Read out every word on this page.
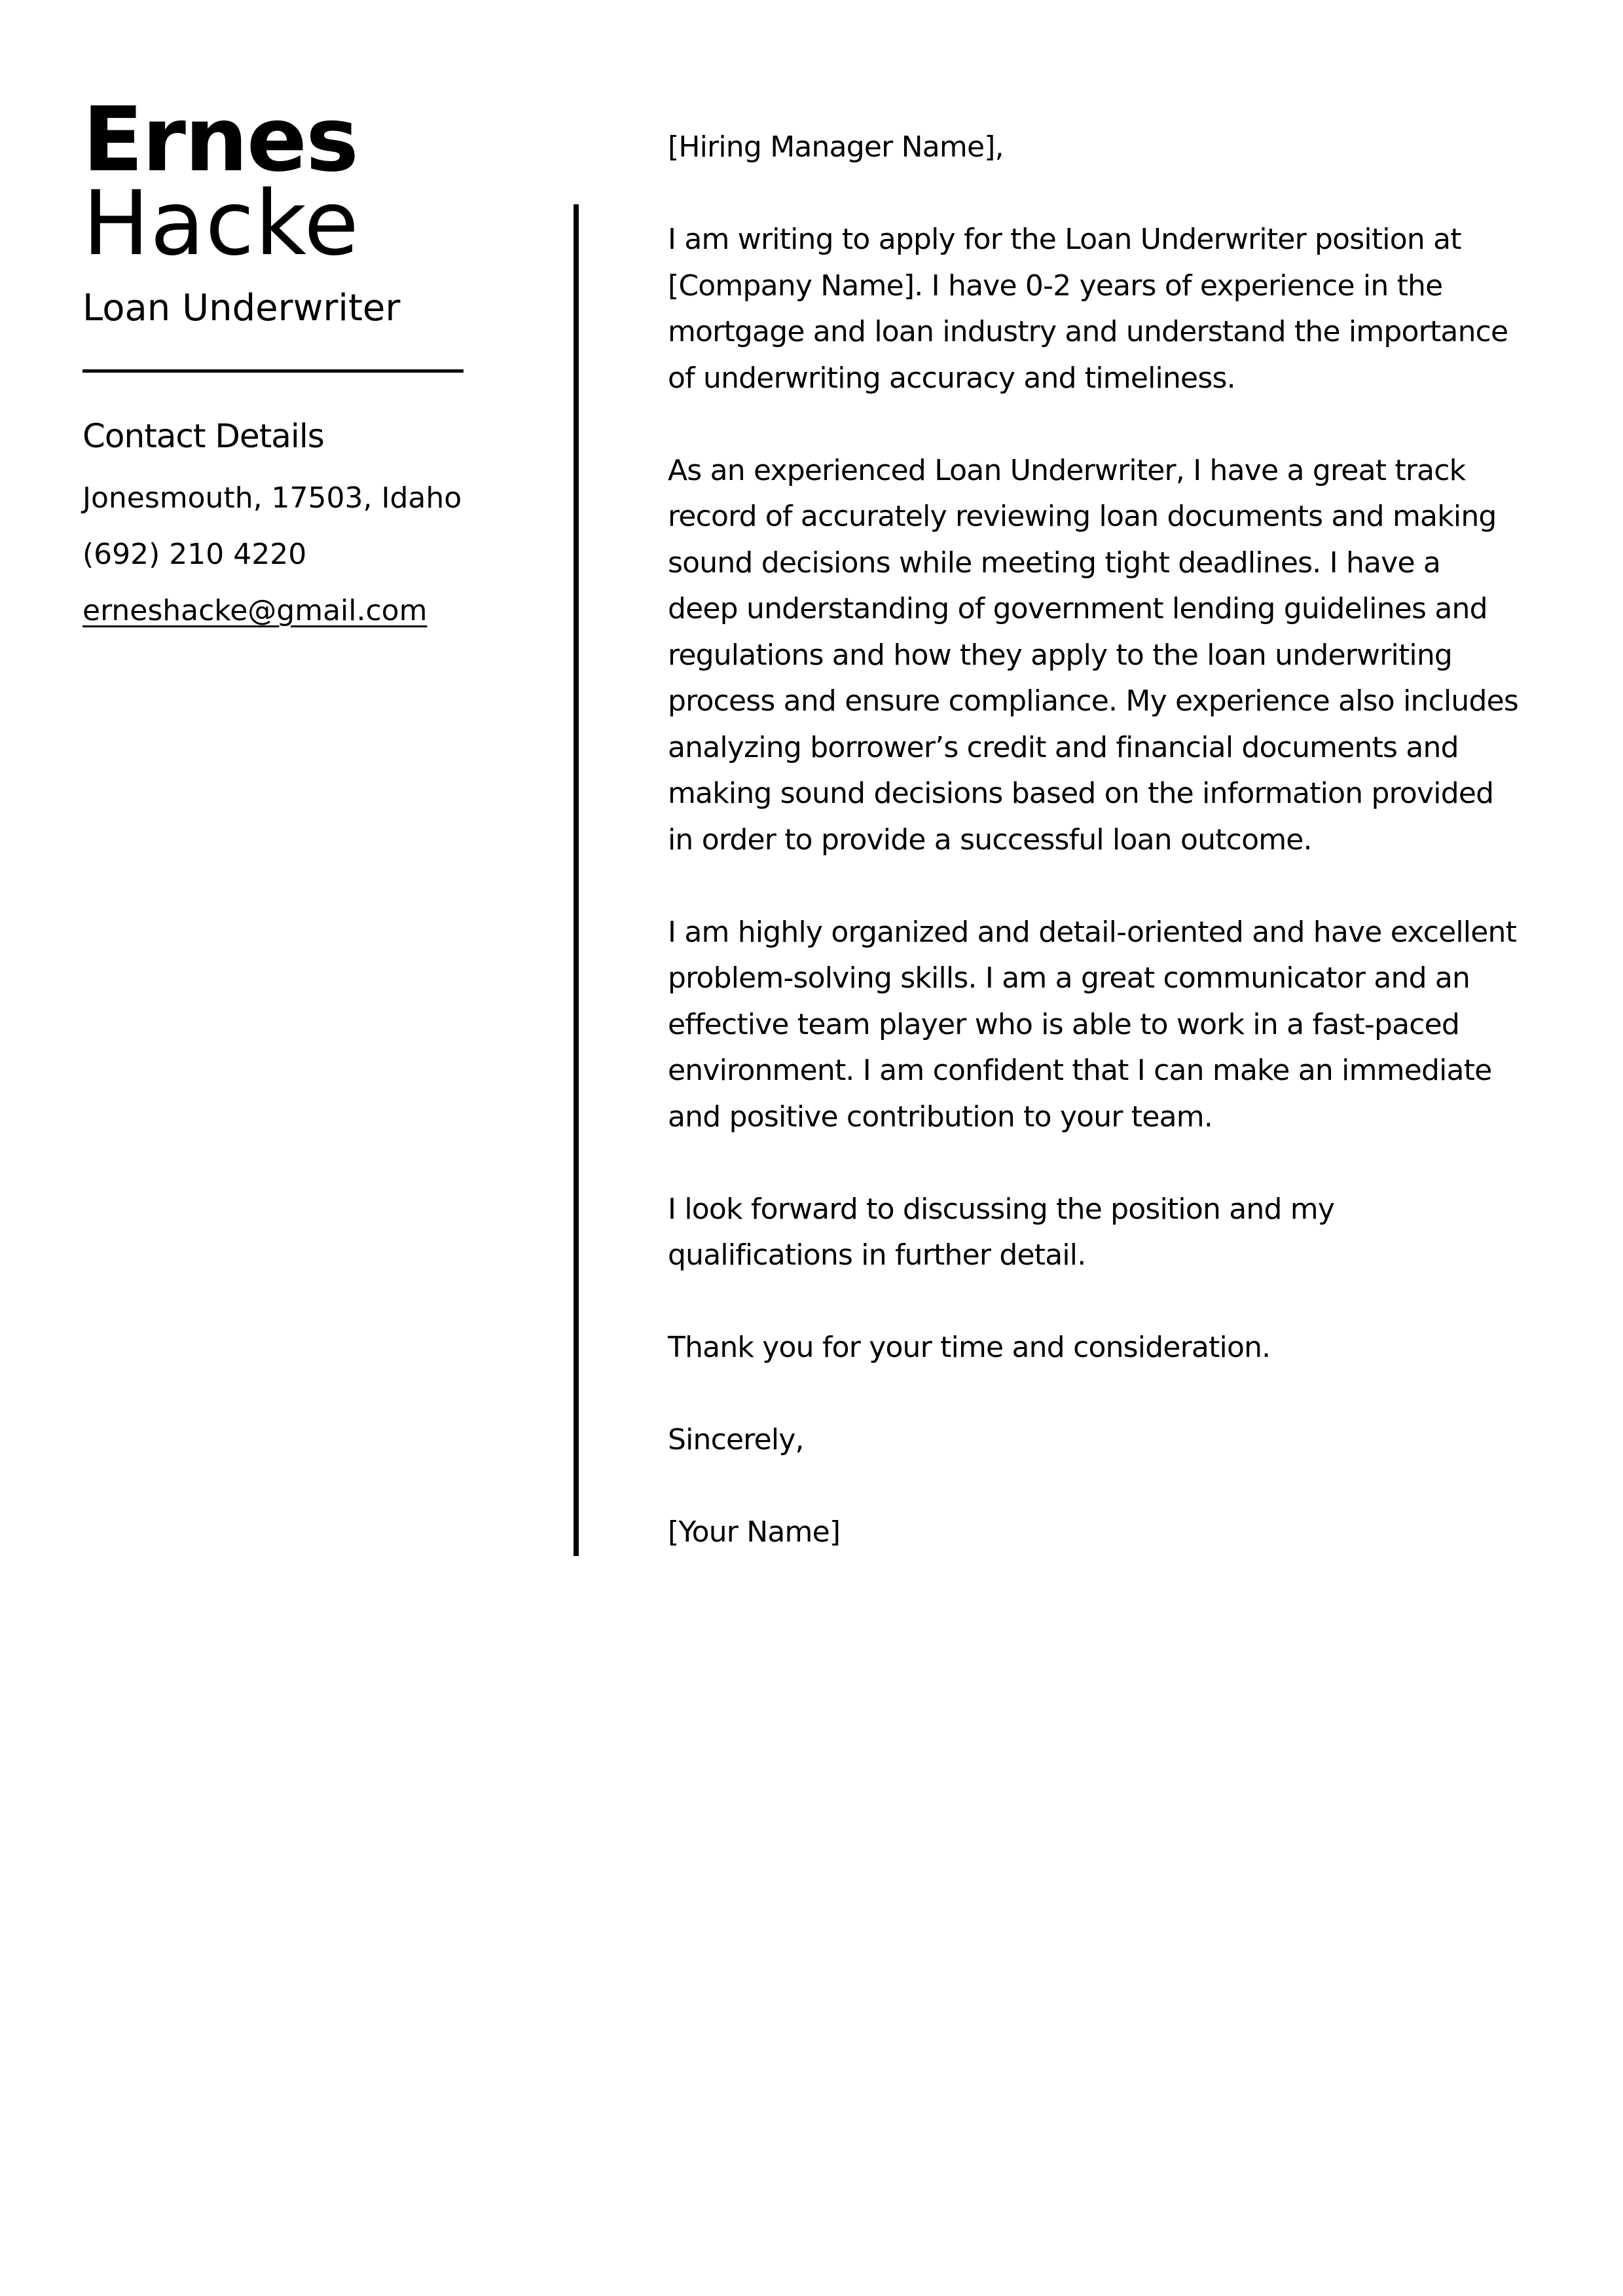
Ernes
Hacke
Loan Underwriter
Contact Details
Jonesmouth, 17503, Idaho
(692) 210 4220
erneshacke@gmail.com

[Hiring Manager Name],

I am writing to apply for the Loan Underwriter position at [Company Name]. I have 0-2 years of experience in the mortgage and loan industry and understand the importance of underwriting accuracy and timeliness.

As an experienced Loan Underwriter, I have a great track record of accurately reviewing loan documents and making sound decisions while meeting tight deadlines. I have a deep understanding of government lending guidelines and regulations and how they apply to the loan underwriting process and ensure compliance. My experience also includes analyzing borrower’s credit and financial documents and making sound decisions based on the information provided in order to provide a successful loan outcome.

I am highly organized and detail-oriented and have excellent problem-solving skills. I am a great communicator and an effective team player who is able to work in a fast-paced environment. I am confident that I can make an immediate and positive contribution to your team.

I look forward to discussing the position and my qualifications in further detail.

Thank you for your time and consideration.

Sincerely,

[Your Name]
